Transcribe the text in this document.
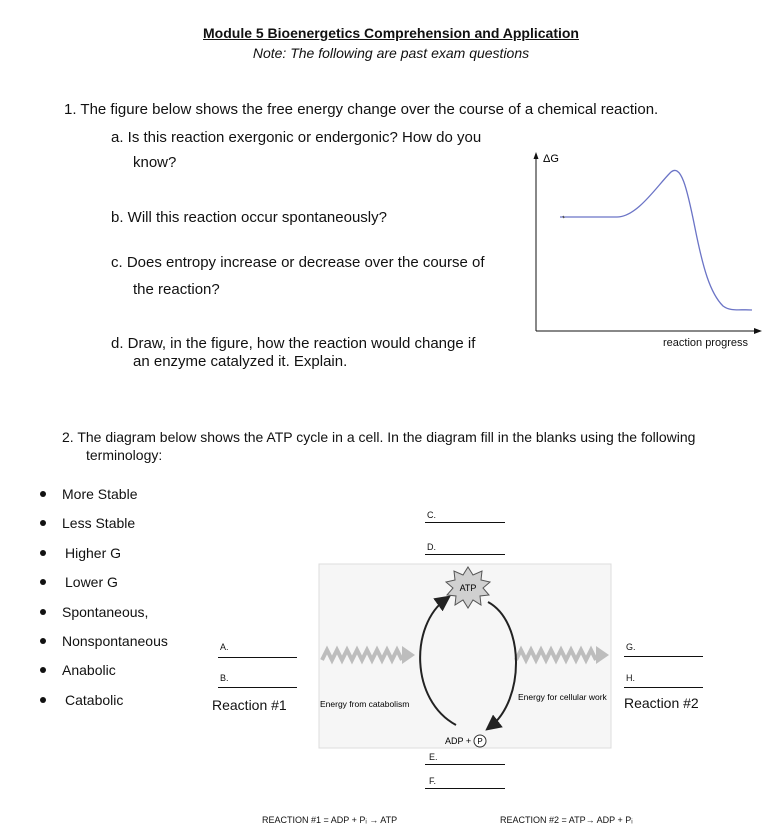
Module 5 Bioenergetics Comprehension and Application
Note: The following are past exam questions
1. The figure below shows the free energy change over the course of a chemical reaction.
a. Is this reaction exergonic or endergonic? How do you
know?
b. Will this reaction occur spontaneously?
c. Does entropy increase or decrease over the course of
the reaction?
d. Draw, in the figure, how the reaction would change if
an enzyme catalyzed it. Explain.
ΔG
reaction progress
2. The diagram below shows the ATP cycle in a cell. In the diagram fill in the blanks using the following
terminology:
More Stable
Less Stable
Higher G
Lower G
Spontaneous,
Nonspontaneous
Anabolic
Catabolic
ATP
ADP + P
Energy from catabolism
Energy for cellular work
C.
D.
A.
B.
G.
H.
E.
F.
Reaction #1	Reaction #2
REACTION #1 = ADP + Pᵢ → ATP	REACTION #2 = ATP→ ADP + Pᵢ
